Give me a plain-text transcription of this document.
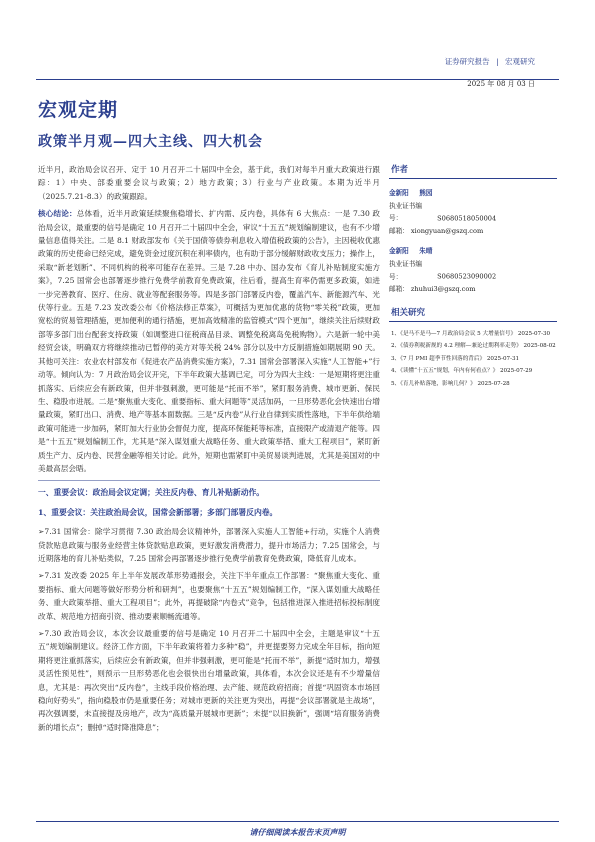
证券研究报告 | 宏观研究
2025 年 08 月 03 日
宏观定期
政策半月观—四大主线、四大机会

近半月，政治局会议召开、定于 10 月召开二十届四中全会，基于此，我们对每半月重大政策进行跟踪：1）中央、部委重要会议与政策；2）地方政策；3）行业与产业政策。本期为近半月（2025.7.21-8.3）的政策跟踪。

核心结论：总体看，近半月政策延续聚焦稳增长、扩内需、反内卷，具体有 6 大焦点：一是 7.30 政治局会议，最重要的信号是确定 10 月召开二十届四中全会，审议“十五五”规划编制建议，也有不少增量信息值得关注。二是 8.1 财政部发布《关于国债等债券利息收入增值税政策的公告》，主因税收优惠政策的历史使命已经完成，避免资金过度沉积在利率债内，也有助于部分缓解财政收支压力；操作上，采取“新老划断”、不同机构的税率可能存在差异。三是 7.28 中办、国办发布《育儿补贴制度实施方案》，7.25 国常会也部署逐步推行免费学前教育免费政策，往后看，提高生育率仍需更多政策，如进一步完善教育、医疗、住房、就业等配套服务等。四是多部门部署反内卷，覆盖汽车、新能源汽车、光伏等行业。五是 7.23 发改委公布《价格法修正草案》，可概括为更加优惠的货物“零关税”政策，更加宽松的贸易管理措施，更加便利的通行措施，更加高效精准的监管模式“四个更加”，继续关注后续财政部等多部门出台配套支持政策（如调整进口征税商品目录、调整免税离岛免税购物）。六是新一轮中美经贸会谈，明确双方将继续推动已暂停的美方对等关税 24% 部分以及中方反制措施如期展期 90 天。其他可关注：农业农村部发布《促进农产品消费实施方案》，7.31 国常会部署深入实施“人工智能+”行动等。倾向认为：7 月政治局会议开完，下半年政策大基调已定，可分为四大主线：一是短期将更注重抓落实、后续应会有新政策，但并非强刺激，更可能是“托而不举”，紧盯服务消费、城市更新、保民生、稳股市进展。二是“聚焦重大变化、重要指标、重大问题等”灵活加码，一旦形势恶化会快速出台增量政策，紧盯出口、消费、地产等基本面数据。三是“反内卷”从行业自律到实质性落地，下半年供给端政策可能进一步加码，紧盯加大行业协会督促力度，提高环保能耗等标准，直接限产或清退产能等。四是“十五五”规划编制工作，尤其是“深入谋划重大战略任务、重大政策举措、重大工程项目”，紧盯新质生产力、反内卷、民营金融等相关讨论。此外，短期也需紧盯中美贸易谈判进展，尤其是美国对的中美最高层会晤。

一、重要会议：政治局会议定调；关注反内卷、育儿补贴新动作。
1、重要会议：关注政治局会议，国常会新部署；多部门部署反内卷。

➢7.31 国常会：除学习贯彻 7.30 政治局会议精神外，部署深入实施人工智能+行动，实施个人消费贷款贴息政策与服务业经营主体贷款贴息政策，更好激发消费潜力，提升市场活力；7.25 国常会，与近期落地的育儿补贴类似，7.25 国常会再部署逐步推行免费学前教育免费政策，降低育儿成本。

➢7.31 发改委 2025 年上半年发展改革形势通报会，关注下半年重点工作部署：“聚焦重大变化、重要指标、重大问题等做好形势分析和研判”，也要聚焦“十五五”规划编制工作，“深入谋划重大战略任务、重大政策举措、重大工程项目”；此外，再提破除“内卷式”竞争，包括推进深入推进招标投标制度改革、规范地方招商引资、推动要素顺畅流通等。

➢7.30 政治局会议，本次会议最重要的信号是确定 10 月召开二十届四中全会，主题是审议“十五五”规划编制建议。经济工作方面，下半年政策将着力多种“稳”，并更提要努力完成全年目标，指向短期将更注重抓落实，后续应会有新政策，但并非强刺激，更可能是“托而不举”，新提“适时加力，增强灵活性预见性”，则预示一旦形势恶化也会很快出台增量政策，具体看，本次会议还是有不少增量信息，尤其是：再次突出“反内卷”，主线手段价格治理、去产能、规范政府招商；首提“巩固资本市场回稳向好势头”，指向稳股市仍是重要任务；对城市更新的关注更为突出，再提“会议部署就是主战场”，再次强调要，未直接提及房地产，改为“高质量开展城市更新”；未提“以旧换新”，强调“培育服务消费新的增长点”；删掉“适时降准降息”；

作者
金新阳 熊园
执业证书编号：	S0680518050004
邮箱： xiongyuan@gszq.com
金新阳 朱晴
执业证书编号：	S0680523090002
邮箱： zhuhui3@gszq.com
相关研究
1、《是马不是马—7 月政治局会议 5 大增量信号》 2025-07-30
2、《债券利税新规的 4.2 理解—兼论过期利率走势》 2025-08-02
3、《7 月 PMI 超季节性回落的背后》 2025-07-31
4、《读懂“十五五”规划，年内有何看点？》 2025-07-29
5、《育儿补贴落地，影响几何？》 2025-07-28
请仔细阅读本报告末页声明
